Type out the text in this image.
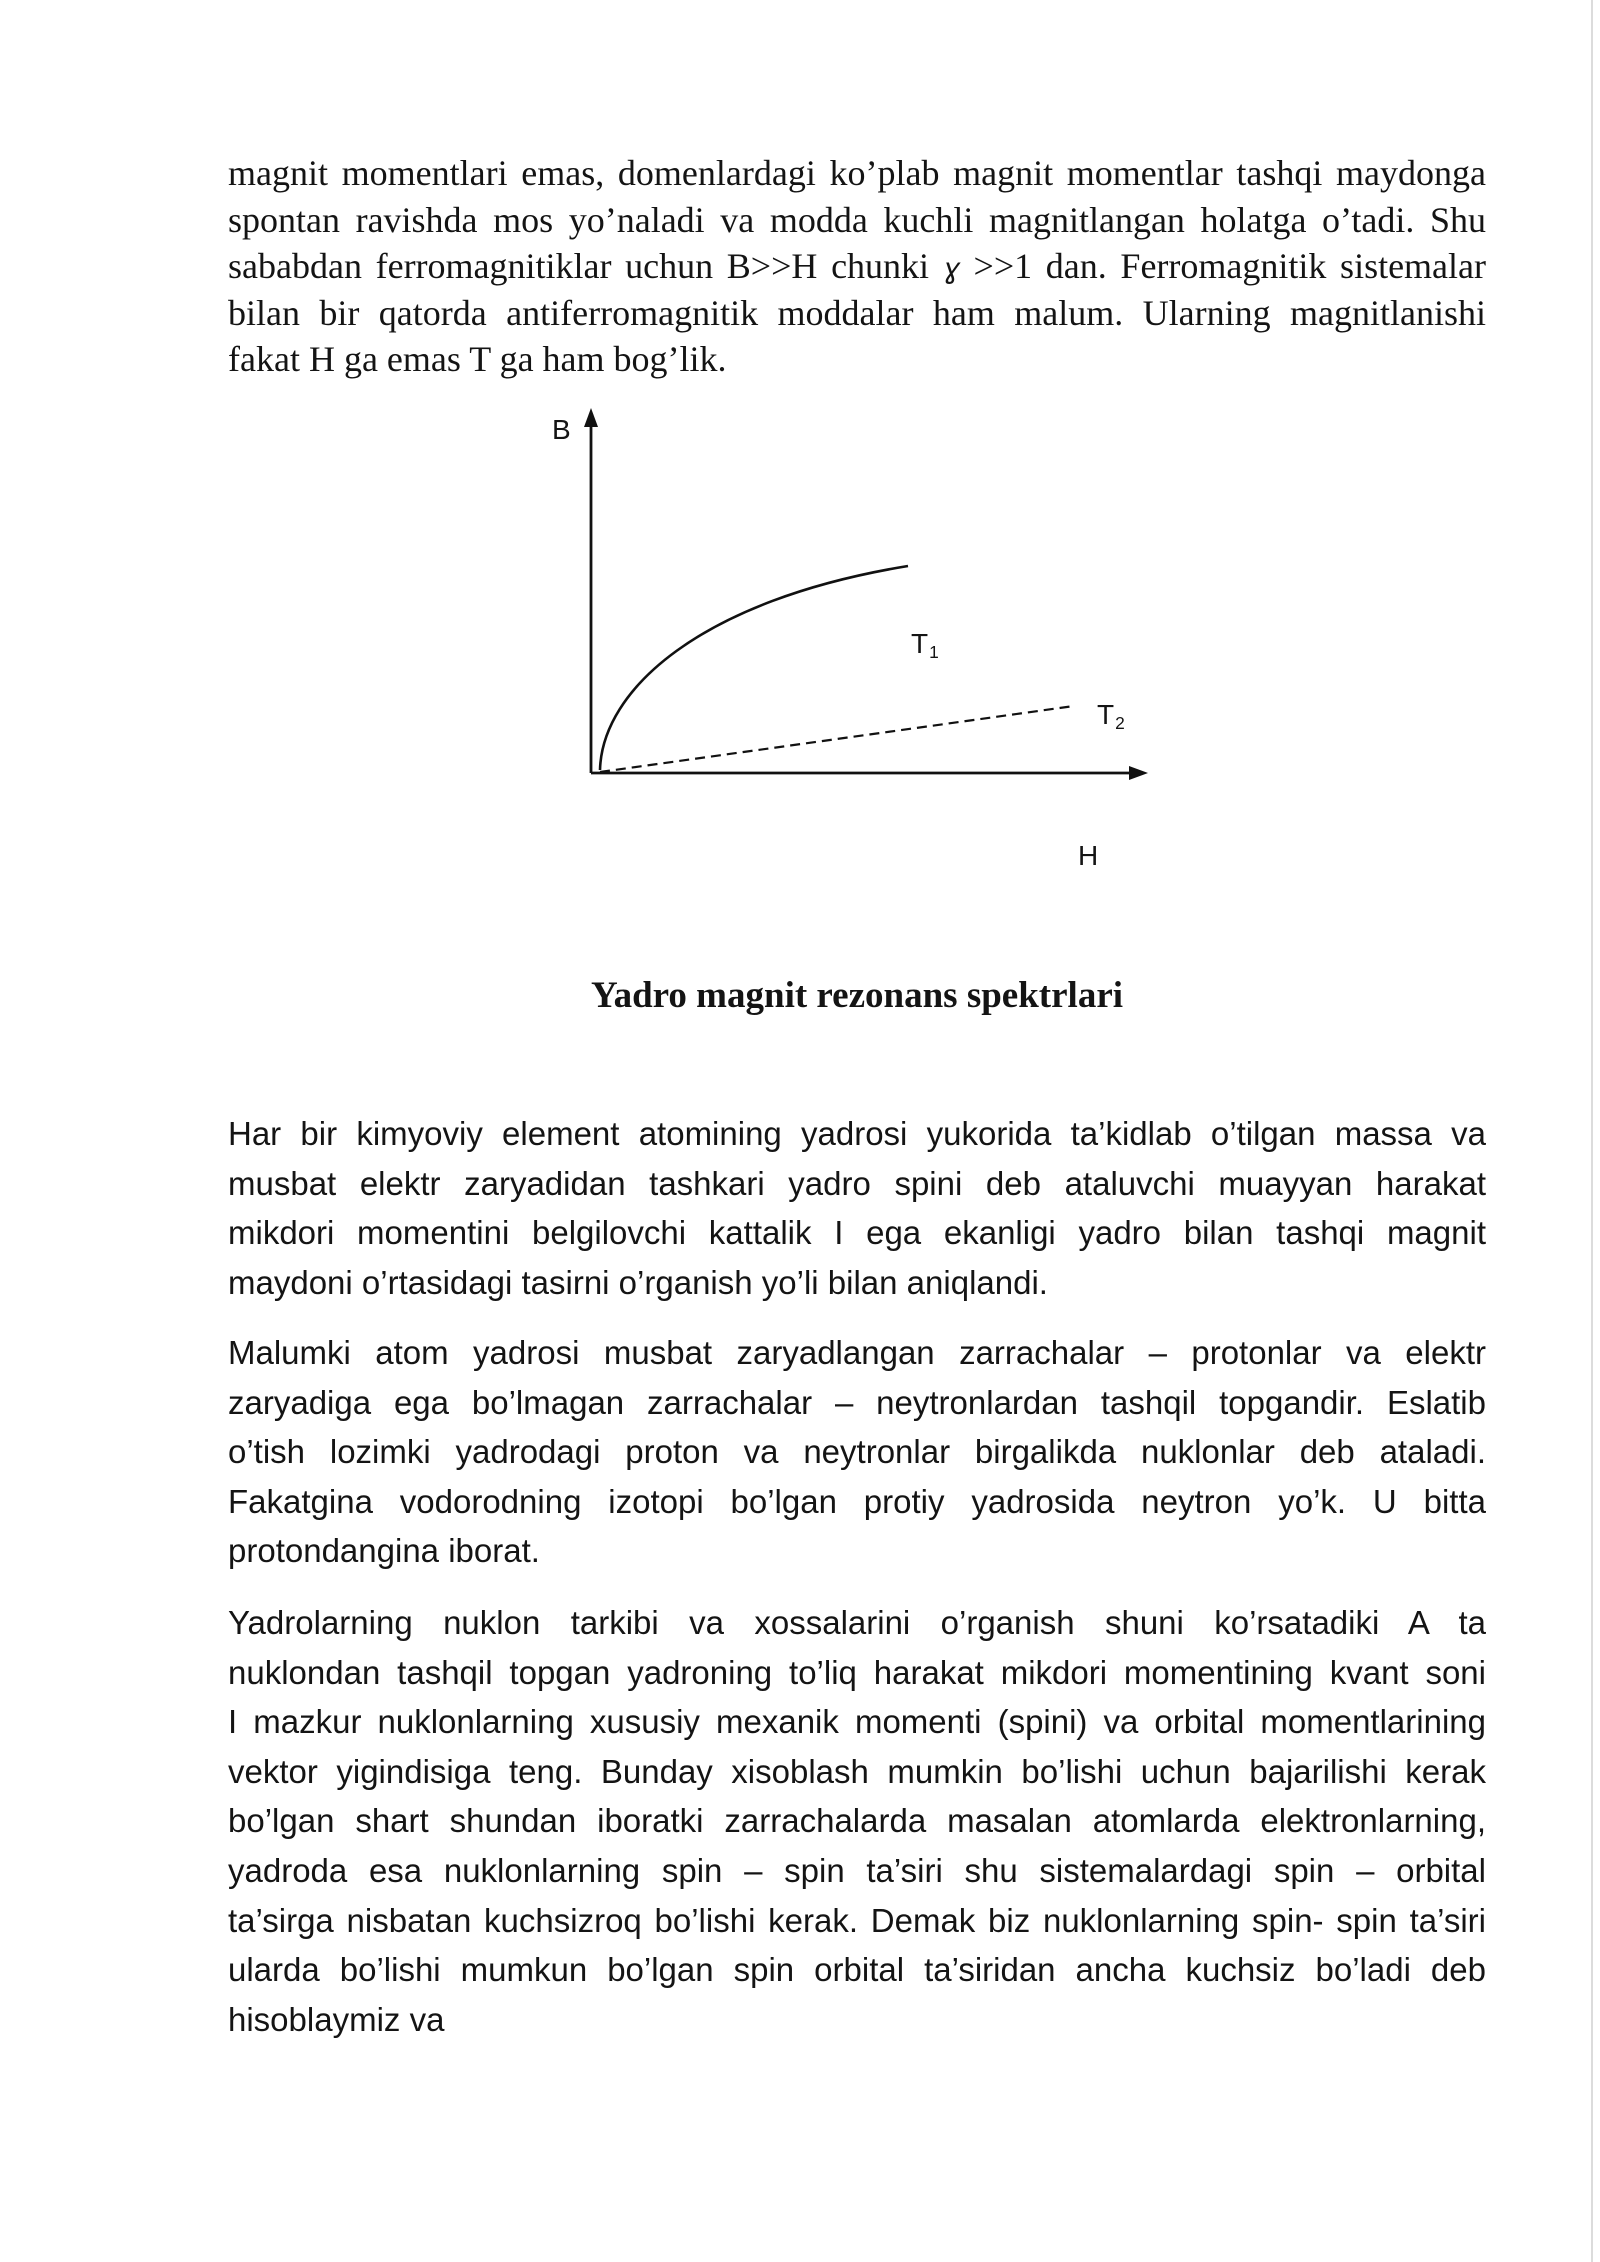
magnit momentlari emas, domenlardagi ko’plab magnit momentlar tashqi maydonga
spontan ravishda mos yo’naladi va modda kuchli magnitlangan holatga o’tadi. Shu
sababdan ferromagnitiklar uchun B>>H chunki ɣ >>1 dan. Ferromagnitik sistemalar
bilan bir qatorda antiferromagnitik moddalar ham malum. Ularning magnitlanishi
fakat H ga emas T ga ham bog’lik.
B
T1
T2
H
Yadro magnit rezonans spektrlari
Har bir kimyoviy element atomining yadrosi yukorida ta’kidlab o’tilgan massa va
musbat elektr zaryadidan tashkari yadro spini deb ataluvchi muayyan harakat
mikdori momentini belgilovchi kattalik I ega ekanligi yadro bilan tashqi magnit
maydoni o’rtasidagi tasirni o’rganish yo’li bilan aniqlandi.
Malumki atom yadrosi musbat zaryadlangan zarrachalar – protonlar va elektr
zaryadiga ega bo’lmagan zarrachalar – neytronlardan tashqil topgandir. Eslatib
o’tish lozimki yadrodagi proton va neytronlar birgalikda nuklonlar deb ataladi.
Fakatgina vodorodning izotopi bo’lgan protiy yadrosida neytron yo’k. U bitta
protondangina iborat.
Yadrolarning nuklon tarkibi va xossalarini o’rganish shuni ko’rsatadiki A ta
nuklondan tashqil topgan yadroning to’liq harakat mikdori momentining kvant soni
I mazkur nuklonlarning xususiy mexanik momenti (spini) va orbital momentlarining
vektor yigindisiga teng. Bunday xisoblash mumkin bo’lishi uchun bajarilishi kerak
bo’lgan shart shundan iboratki zarrachalarda masalan atomlarda elektronlarning,
yadroda esa nuklonlarning spin – spin ta’siri shu sistemalardagi spin – orbital
ta’sirga nisbatan kuchsizroq bo’lishi kerak. Demak biz nuklonlarning spin- spin ta’siri
ularda bo’lishi mumkun bo’lgan spin orbital ta’siridan ancha kuchsiz bo’ladi deb
hisoblaymiz va
